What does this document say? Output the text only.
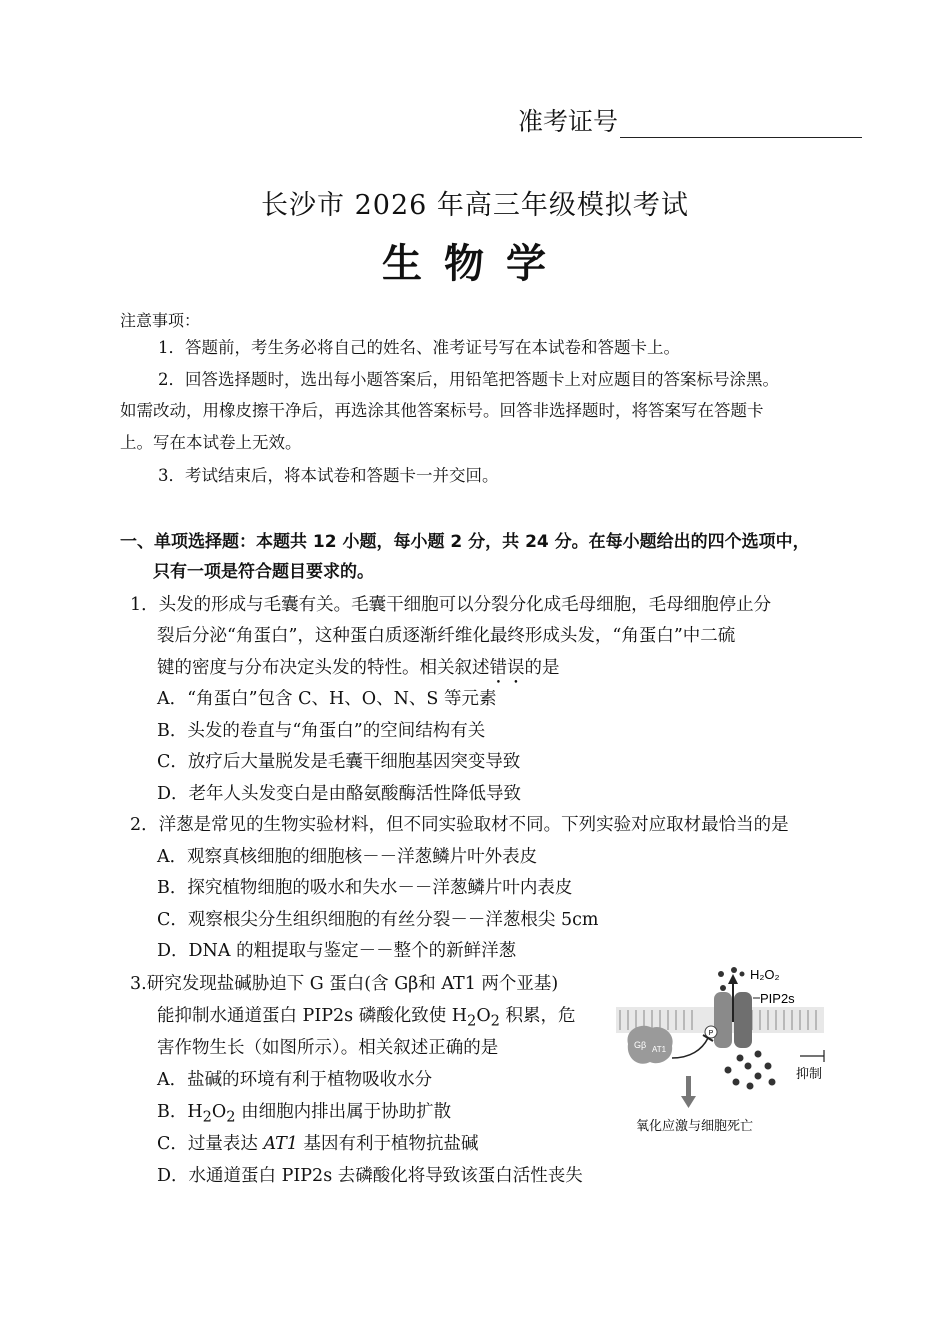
准考证号
长沙市 2026 年高三年级模拟考试
生物学
注意事项：
1．答题前，考生务必将自己的姓名、准考证号写在本试卷和答题卡上。
2．回答选择题时，选出每小题答案后，用铅笔把答题卡上对应题目的答案标号涂黑。
如需改动，用橡皮擦干净后，再选涂其他答案标号。回答非选择题时，将答案写在答题卡
上。写在本试卷上无效。
3．考试结束后，将本试卷和答题卡一并交回。
一、单项选择题：本题共 12 小题，每小题 2 分，共 24 分。在每小题给出的四个选项中，
只有一项是符合题目要求的。
1．头发的形成与毛囊有关。毛囊干细胞可以分裂分化成毛母细胞，毛母细胞停止分
裂后分泌“角蛋白”，这种蛋白质逐渐纤维化最终形成头发，“角蛋白”中二硫
键的密度与分布决定头发的特性。相关叙述错误的是
A．“角蛋白”包含 C、H、O、N、S 等元素
B．头发的卷直与“角蛋白”的空间结构有关
C．放疗后大量脱发是毛囊干细胞基因突变导致
D．老年人头发变白是由酪氨酸酶活性降低导致
2．洋葱是常见的生物实验材料，但不同实验取材不同。下列实验对应取材最恰当的是
A．观察真核细胞的细胞核－－洋葱鳞片叶外表皮
B．探究植物细胞的吸水和失水－－洋葱鳞片叶内表皮
C．观察根尖分生组织细胞的有丝分裂－－洋葱根尖 5cm
D．DNA 的粗提取与鉴定－－整个的新鲜洋葱
3.研究发现盐碱胁迫下 G 蛋白(含 Gβ和 AT1 两个亚基)
能抑制水通道蛋白 PIP2s 磷酸化致使 $H_2O_2$ 积累，危
害作物生长（如图所示）。相关叙述正确的是
A．盐碱的环境有利于植物吸收水分
B．$H_2O_2$ 由细胞内排出属于协助扩散
C．过量表达 AT1 基因有利于植物抗盐碱
D．水通道蛋白 PIP2s 去磷酸化将导致该蛋白活性丧失
P
Gβ AT1
H₂O₂
PIP2s
抑制
氧化应激与细胞死亡
